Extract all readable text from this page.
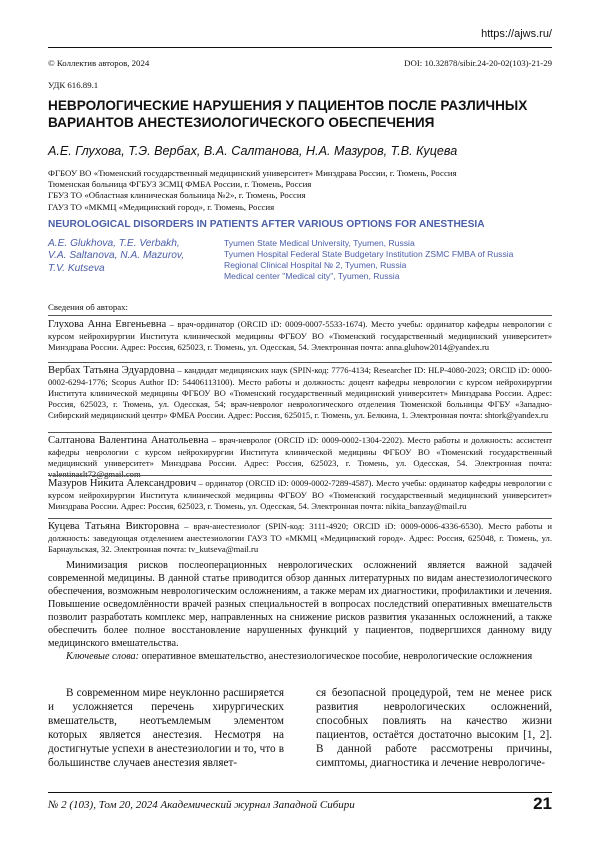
https://ajws.ru/
© Коллектив авторов, 2024	DOI: 10.32878/sibir.24-20-02(103)-21-29
УДК 616.89.1
НЕВРОЛОГИЧЕСКИЕ НАРУШЕНИЯ У ПАЦИЕНТОВ ПОСЛЕ РАЗЛИЧНЫХ ВАРИАНТОВ АНЕСТЕЗИОЛОГИЧЕСКОГО ОБЕСПЕЧЕНИЯ
А.Е. Глухова, Т.Э. Вербах, В.А. Салтанова, Н.А. Мазуров, Т.В. Куцева
ФГБОУ ВО «Тюменский государственный медицинский университет» Минздрава России, г. Тюмень, Россия
Тюменская больница ФГБУЗ ЗСМЦ ФМБА России, г. Тюмень, Россия
ГБУЗ ТО «Областная клиническая больница №2», г. Тюмень, Россия
ГАУЗ ТО «МКМЦ «Медицинский город», г. Тюмень, Россия
NEUROLOGICAL DISORDERS IN PATIENTS AFTER VARIOUS OPTIONS FOR ANESTHESIA
A.E. Glukhova, T.E. Verbakh,
V.A. Saltanova, N.A. Mazurov,
T.V. Kutseva
Tyumen State Medical University, Tyumen, Russia
Tyumen Hospital Federal State Budgetary Institution ZSMC FMBA of Russia
Regional Clinical Hospital № 2, Tyumen, Russia
Medical center "Medical city", Tyumen, Russia
Сведения об авторах:
Глухова Анна Евгеньевна – врач-ординатор (ORCID iD: 0009-0007-5533-1674). Место учебы: ординатор кафедры неврологии с курсом нейрохирургии Института клинической медицины ФГБОУ ВО «Тюменский государственный медицинский университет» Минздрава России. Адрес: Россия, 625023, г. Тюмень, ул. Одесская, 54. Электронная почта: anna.gluhow2014@yandex.ru
Вербах Татьяна Эдуардовна – кандидат медицинских наук (SPIN-код: 7776-4134; Researcher ID: HLP-4080-2023; ORCID iD: 0000-0002-6294-1776; Scopus Author ID: 54406113100). Место работы и должность: доцент кафедры неврологии с курсом нейрохирургии Института клинической медицины ФГБОУ ВО «Тюменский государственный медицинский университет» Минздрава России. Адрес: Россия, 625023, г. Тюмень, ул. Одесская, 54; врач-невролог неврологического отделения Тюменской больницы ФГБУ «Западно-Сибирский медицинский центр» ФМБА России. Адрес: Россия, 625015, г. Тюмень, ул. Белкина, 1. Электронная почта: shtork@yandex.ru
Салтанова Валентина Анатольевна – врач-невролог (ORCID iD: 0009-0002-1304-2202). Место работы и должность: ассистент кафедры неврологии с курсом нейрохирургии Института клинической медицины ФГБОУ ВО «Тюменский государственный медицинский университет» Минздрава России. Адрес: Россия, 625023, г. Тюмень, ул. Одесская, 54. Электронная почта: valentinaslt72@gmail.com
Мазуров Никита Александрович – ординатор (ORCID iD: 0009-0002-7289-4587). Место учебы: ординатор кафедры неврологии с курсом нейрохирургии Института клинической медицины ФГБОУ ВО «Тюменский государственный медицинский университет» Минздрава России. Адрес: Россия, 625023, г. Тюмень, ул. Одесская, 54. Электронная почта: nikita_banzay@mail.ru
Куцева Татьяна Викторовна – врач-анестезиолог (SPIN-код: 3111-4920; ORCID iD: 0009-0006-4336-6530). Место работы и должность: заведующая отделением анестезиологии ГАУЗ ТО «МКМЦ «Медицинский город». Адрес: Россия, 625048, г. Тюмень, ул. Барнаульская, 32. Электронная почта: tv_kutseva@mail.ru

Минимизация рисков послеоперационных неврологических осложнений является важной задачей современной медицины. В данной статье приводится обзор данных литературных по видам анестезиологического обеспечения, возможным неврологическим осложнениям, а также мерам их диагностики, профилактики и лечения. Повышение осведомлённости врачей разных специальностей в вопросах последствий оперативных вмешательств позволит разработать комплекс мер, направленных на снижение рисков развития указанных осложнений, а также обеспечить более полное восстановление нарушенных функций у пациентов, подвергшихся данному виду медицинского вмешательства.

Ключевые слова: оперативное вмешательство, анестезиологическое пособие, неврологические осложнения

В современном мире неуклонно расширяется и усложняется перечень хирургических вмешательств, неотъемлемым элементом которых является анестезия. Несмотря на достигнутые успехи в анестезиологии и то, что в большинстве случаев анестезия являет-

ся безопасной процедурой, тем не менее риск развития неврологических осложнений, способных повлиять на качество жизни пациентов, остаётся достаточно высоким [1, 2]. В данной работе рассмотрены причины, симптомы, диагностика и лечение неврологиче-

№ 2 (103), Том 20, 2024 Академический журнал Западной Сибири	21
